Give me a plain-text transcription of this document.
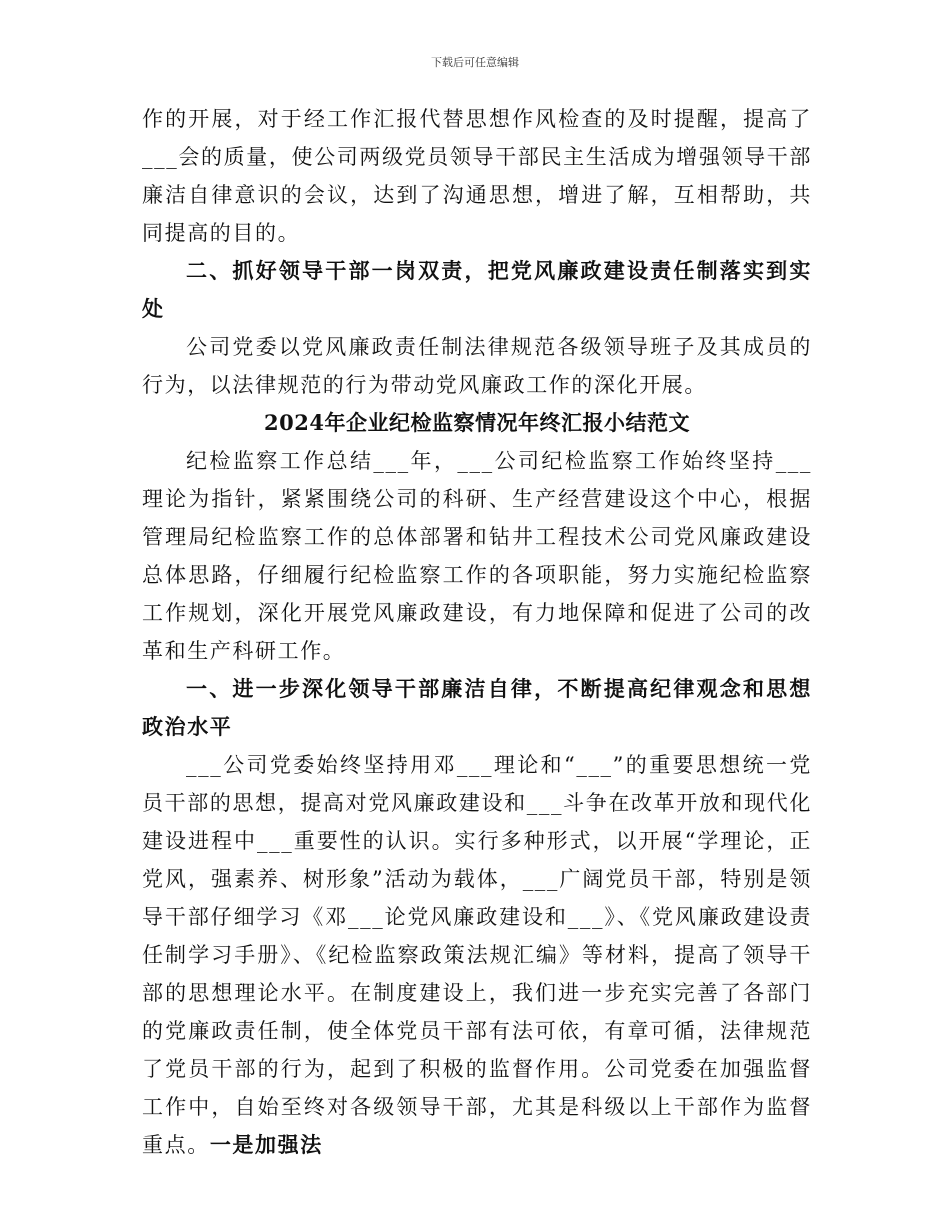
下载后可任意编辑

作的开展，对于经工作汇报代替思想作风检查的及时提醒，提高了___会的质量，使公司两级党员领导干部民主生活成为增强领导干部廉洁自律意识的会议，达到了沟通思想，增进了解，互相帮助，共同提高的目的。

二、抓好领导干部一岗双责，把党风廉政建设责任制落实到实处

公司党委以党风廉政责任制法律规范各级领导班子及其成员的行为，以法律规范的行为带动党风廉政工作的深化开展。

2024年企业纪检监察情况年终汇报小结范文

纪检监察工作总结___年，___公司纪检监察工作始终坚持___理论为指针，紧紧围绕公司的科研、生产经营建设这个中心，根据管理局纪检监察工作的总体部署和钻井工程技术公司党风廉政建设总体思路，仔细履行纪检监察工作的各项职能，努力实施纪检监察工作规划，深化开展党风廉政建设，有力地保障和促进了公司的改革和生产科研工作。

一、进一步深化领导干部廉洁自律，不断提高纪律观念和思想政治水平

___公司党委始终坚持用邓___理论和“___”的重要思想统一党员干部的思想，提高对党风廉政建设和___斗争在改革开放和现代化建设进程中___重要性的认识。实行多种形式，以开展“学理论，正党风，强素养、树形象”活动为载体，___广阔党员干部，特别是领导干部仔细学习《邓___论党风廉政建设和___》、《党风廉政建设责任制学习手册》、《纪检监察政策法规汇编》等材料，提高了领导干部的思想理论水平。在制度建设上，我们进一步充实完善了各部门的党廉政责任制，使全体党员干部有法可依，有章可循，法律规范了党员干部的行为，起到了积极的监督作用。公司党委在加强监督工作中，自始至终对各级领导干部，尤其是科级以上干部作为监督重点。一是加强法
